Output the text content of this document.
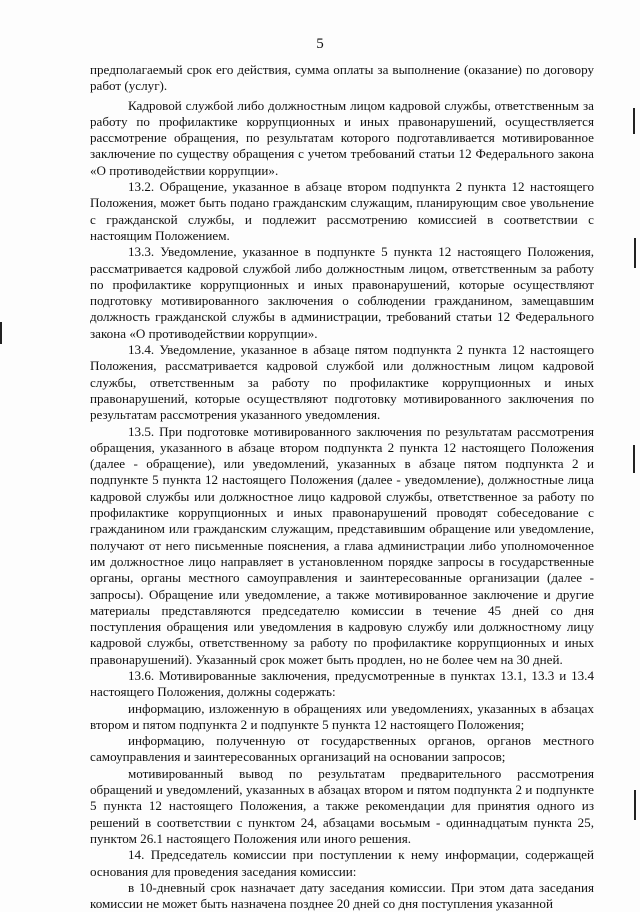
5

предполагаемый срок его действия, сумма оплаты за выполнение (оказание) по договору работ (услуг).

Кадровой службой либо должностным лицом кадровой службы, ответственным за работу по профилактике коррупционных и иных правонарушений, осуществляется рассмотрение обращения, по результатам которого подготавливается мотивированное заключение по существу обращения с учетом требований статьи 12 Федерального закона «О противодействии коррупции».

13.2. Обращение, указанное в абзаце втором подпункта 2 пункта 12 настоящего Положения, может быть подано гражданским служащим, планирующим свое увольнение с гражданской службы, и подлежит рассмотрению комиссией в соответствии с настоящим Положением.

13.3. Уведомление, указанное в подпункте 5 пункта 12 настоящего Положения, рассматривается кадровой службой либо должностным лицом, ответственным за работу по профилактике коррупционных и иных правонарушений, которые осуществляют подготовку мотивированного заключения о соблюдении гражданином, замещавшим должность гражданской службы в администрации, требований статьи 12 Федерального закона «О противодействии коррупции».

13.4. Уведомление, указанное в абзаце пятом подпункта 2 пункта 12 настоящего Положения, рассматривается кадровой службой или должностным лицом кадровой службы, ответственным за работу по профилактике коррупционных и иных правонарушений, которые осуществляют подготовку мотивированного заключения по результатам рассмотрения указанного уведомления.

13.5. При подготовке мотивированного заключения по результатам рассмотрения обращения, указанного в абзаце втором подпункта 2 пункта 12 настоящего Положения (далее - обращение), или уведомлений, указанных в абзаце пятом подпункта 2 и подпункте 5 пункта 12 настоящего Положения (далее - уведомление), должностные лица кадровой службы или должностное лицо кадровой службы, ответственное за работу по профилактике коррупционных и иных правонарушений проводят собеседование с гражданином или гражданским служащим, представившим обращение или уведомление, получают от него письменные пояснения, а глава администрации либо уполномоченное им должностное лицо направляет в установленном порядке запросы в государственные органы, органы местного самоуправления и заинтересованные организации (далее - запросы). Обращение или уведомление, а также мотивированное заключение и другие материалы представляются председателю комиссии в течение 45 дней со дня поступления обращения или уведомления в кадровую службу или должностному лицу кадровой службы, ответственному за работу по профилактике коррупционных и иных правонарушений). Указанный срок может быть продлен, но не более чем на 30 дней.

13.6. Мотивированные заключения, предусмотренные в пунктах 13.1, 13.3 и 13.4 настоящего Положения, должны содержать:

информацию, изложенную в обращениях или уведомлениях, указанных в абзацах втором и пятом подпункта 2 и подпункте 5 пункта 12 настоящего Положения;

информацию, полученную от государственных органов, органов местного самоуправления и заинтересованных организаций на основании запросов;

мотивированный вывод по результатам предварительного рассмотрения обращений и уведомлений, указанных в абзацах втором и пятом подпункта 2 и подпункте 5 пункта 12 настоящего Положения, а также рекомендации для принятия одного из решений в соответствии с пунктом 24, абзацами восьмым - одиннадцатым пункта 25, пунктом 26.1 настоящего Положения или иного решения.

14. Председатель комиссии при поступлении к нему информации, содержащей основания для проведения заседания комиссии:

в 10-дневный срок назначает дату заседания комиссии. При этом дата заседания комиссии не может быть назначена позднее 20 дней со дня поступления указанной
